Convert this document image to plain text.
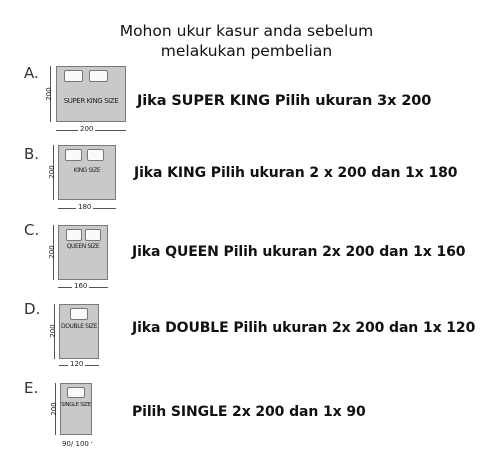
Mohon ukur kasur anda sebelum
melakukan pembelian
A.
SUPER KING SIZE
200
200
Jika SUPER KING Pilih ukuran 3x 200
B.
KING SIZE
200
180
Jika KING Pilih ukuran 2 x 200 dan 1x 180
C.
QUEEN SIZE
200
160
Jika QUEEN Pilih ukuran 2x 200 dan 1x 160
D.
DOUBLE SIZE
200
120
Jika DOUBLE Pilih ukuran 2x 200 dan 1x 120
E.
SINGLE SIZE
200
90/ 100
Pilih SINGLE 2x 200 dan 1x 90
